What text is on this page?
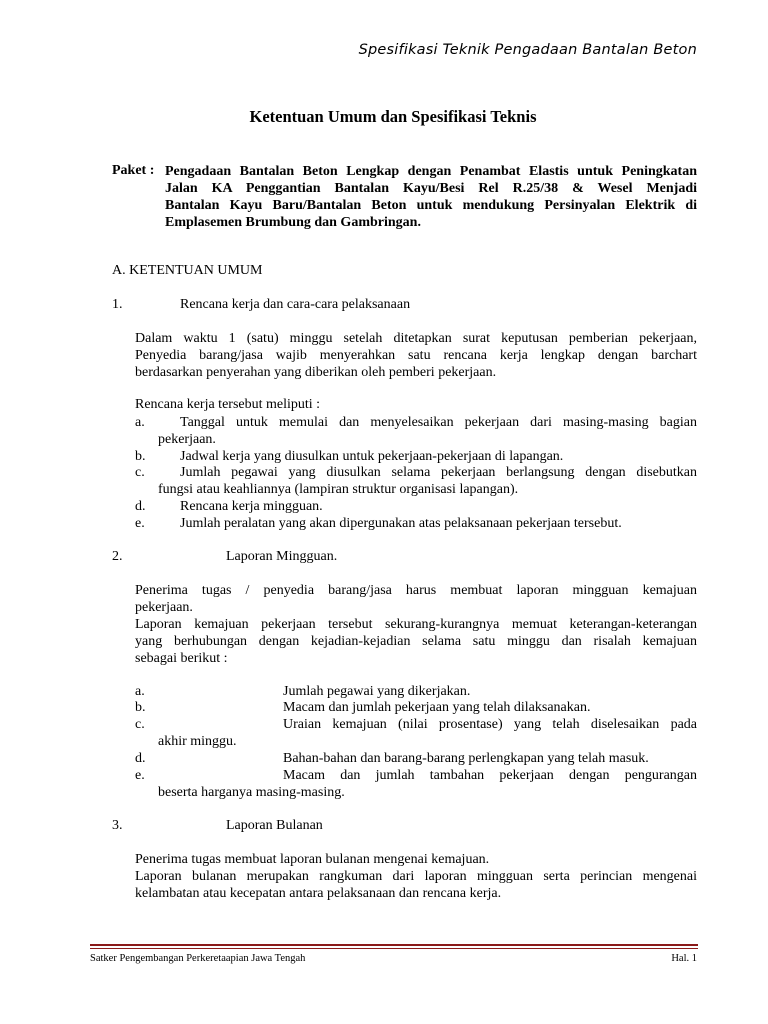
Spesifikasi Teknik Pengadaan Bantalan Beton
Ketentuan Umum dan Spesifikasi Teknis
Paket : Pengadaan Bantalan Beton Lengkap dengan Penambat Elastis untuk Peningkatan
Jalan KA Penggantian Bantalan Kayu/Besi Rel R.25/38 & Wesel Menjadi
Bantalan Kayu Baru/Bantalan Beton untuk mendukung Persinyalan Elektrik di
Emplasemen Brumbung dan Gambringan.
A. KETENTUAN UMUM
1.	Rencana kerja dan cara-cara pelaksanaan
Dalam waktu 1 (satu) minggu setelah ditetapkan surat keputusan pemberian pekerjaan,
Penyedia barang/jasa wajib menyerahkan satu rencana kerja lengkap dengan barchart
berdasarkan penyerahan yang diberikan oleh pemberi pekerjaan.
Rencana kerja tersebut meliputi :
a.	Tanggal untuk memulai dan menyelesaikan pekerjaan dari masing-masing bagian
pekerjaan.
b. Jadwal kerja yang diusulkan untuk pekerjaan-pekerjaan di lapangan.
c.	Jumlah pegawai yang diusulkan selama pekerjaan berlangsung dengan disebutkan
fungsi atau keahliannya (lampiran struktur organisasi lapangan).
d. Rencana kerja mingguan.
e.	Jumlah peralatan yang akan dipergunakan atas pelaksanaan pekerjaan tersebut.
2.	Laporan Mingguan.
Penerima tugas / penyedia barang/jasa harus membuat laporan mingguan kemajuan
pekerjaan.
Laporan kemajuan pekerjaan tersebut sekurang-kurangnya memuat keterangan-keterangan
yang berhubungan dengan kejadian-kejadian selama satu minggu dan risalah kemajuan
sebagai berikut :
a.	Jumlah pegawai yang dikerjakan.
b.	Macam dan jumlah pekerjaan yang telah dilaksanakan.
c.	Uraian kemajuan (nilai prosentase) yang telah diselesaikan pada
akhir minggu.
d.	Bahan-bahan dan barang-barang perlengkapan yang telah masuk.
e.	Macam dan jumlah tambahan pekerjaan dengan pengurangan
beserta harganya masing-masing.
3.	Laporan Bulanan
Penerima tugas membuat laporan bulanan mengenai kemajuan.
Laporan bulanan merupakan rangkuman dari laporan mingguan serta perincian mengenai
kelambatan atau kecepatan antara pelaksanaan dan rencana kerja.
Satker Pengembangan Perkeretaapian Jawa Tengah	Hal. 1
